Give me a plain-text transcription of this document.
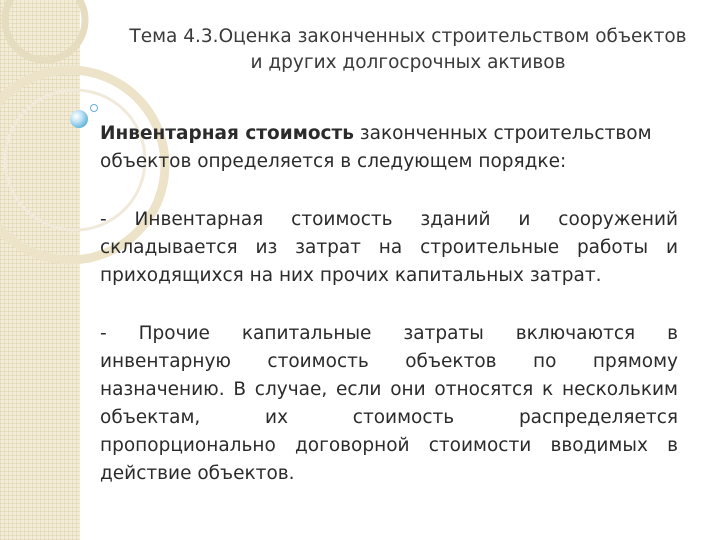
Тема 4.3.Оценка законченных строительством объектов
и других долгосрочных активов
Инвентарная стоимость законченных строительством объектов определяется в следующем порядке:
- Инвентарная стоимость зданий и сооружений складывается из затрат на строительные работы и приходящихся на них прочих капитальных затрат.
- Прочие капитальные затраты включаются в инвентарную стоимость объектов по прямому назначению. В случае, если они относятся к нескольким объектам, их стоимость распределяется пропорционально договорной стоимости вводимых в действие объектов.
